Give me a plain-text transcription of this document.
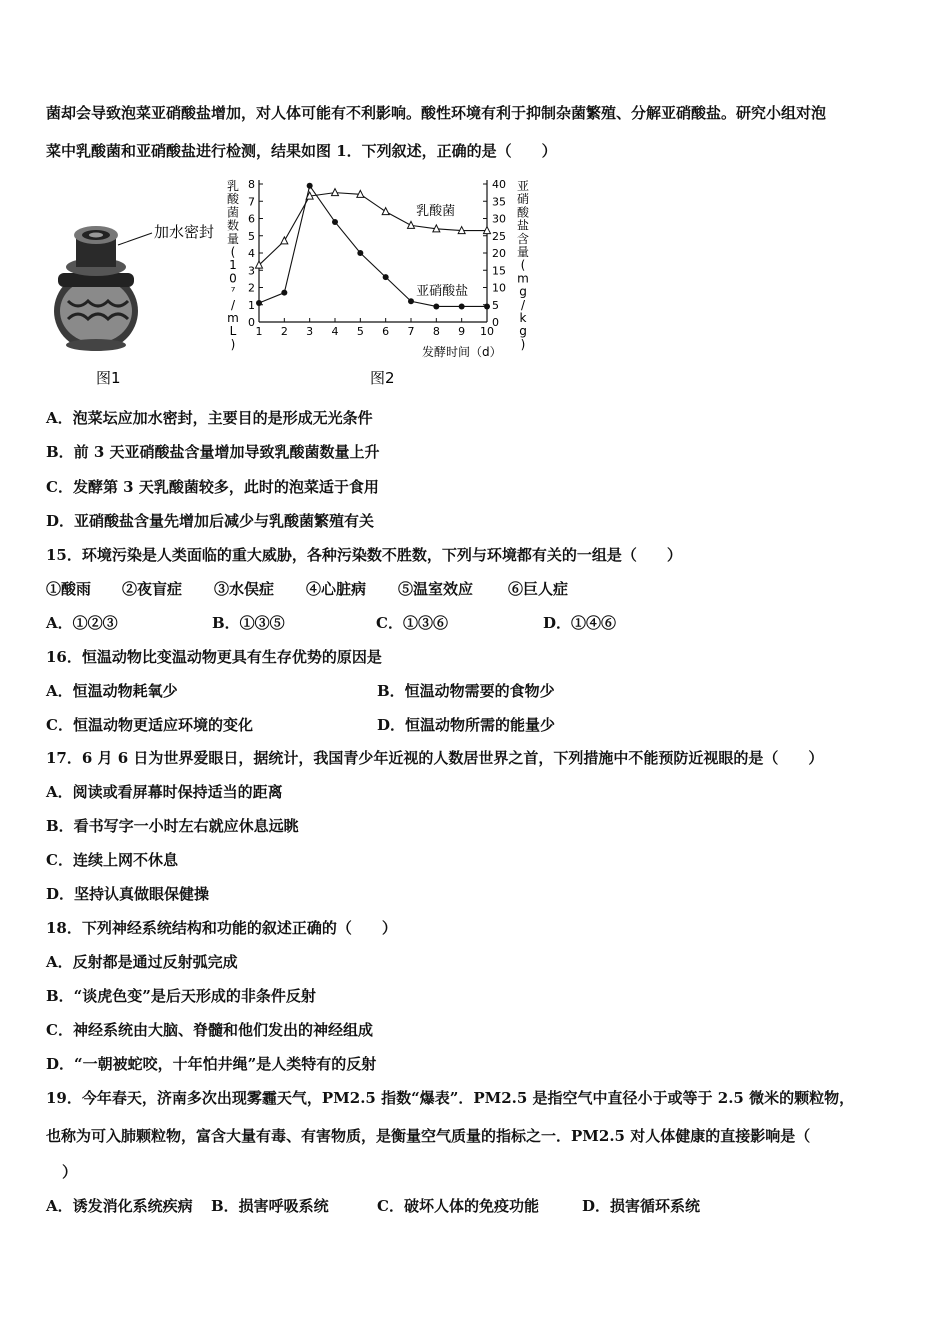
菌却会导致泡菜亚硝酸盐增加，对人体可能有不利影响。酸性环境有利于抑制杂菌繁殖、分解亚硝酸盐。研究小组对泡
菜中乳酸菌和亚硝酸盐进行检测，结果如图 1．下列叙述，正确的是（　　）
加水密封
图1
1 2 3 4 5 6 7 8 9 10
0
1
2
3
4
5
6
7
8
0
5
10
15
20
25
30
35
40
乳酸菌
亚硝酸盐
发酵时间（d）
图2
乳
酸
菌
数
量
(
1
0
⁷
/
m
L
)
亚
硝
酸
盐
含
量
(
m
g
/
k
g
)
A．泡菜坛应加水密封，主要目的是形成无光条件
B．前 3 天亚硝酸盐含量增加导致乳酸菌数量上升
C．发酵第 3 天乳酸菌较多，此时的泡菜适于食用
D．亚硝酸盐含量先增加后减少与乳酸菌繁殖有关
15．环境污染是人类面临的重大威胁，各种污染数不胜数，下列与环境都有关的一组是（　　）
①酸雨 ②夜盲症 ③水俣症 ④心脏病 ⑤温室效应 ⑥巨人症
A．①②③	B．①③⑤	C．①③⑥	D．①④⑥
16．恒温动物比变温动物更具有生存优势的原因是
A．恒温动物耗氧少	B．恒温动物需要的食物少
C．恒温动物更适应环境的变化	D．恒温动物所需的能量少
17．6 月 6 日为世界爱眼日，据统计，我国青少年近视的人数居世界之首，下列措施中不能预防近视眼的是（　　）
A．阅读或看屏幕时保持适当的距离
B．看书写字一小时左右就应休息远眺
C．连续上网不休息
D．坚持认真做眼保健操
18．下列神经系统结构和功能的叙述正确的（　　）
A．反射都是通过反射弧完成
B．“谈虎色变”是后天形成的非条件反射
C．神经系统由大脑、脊髓和他们发出的神经组成
D．“一朝被蛇咬，十年怕井绳”是人类特有的反射
19．今年春天，济南多次出现雾霾天气，PM2.5 指数“爆表”．PM2.5 是指空气中直径小于或等于 2.5 微米的颗粒物，
也称为可入肺颗粒物，富含大量有毒、有害物质，是衡量空气质量的指标之一．PM2.5 对人体健康的直接影响是（
）
A．诱发消化系统疾病 B．损害呼吸系统	C．破坏人体的免疫功能	D．损害循环系统
